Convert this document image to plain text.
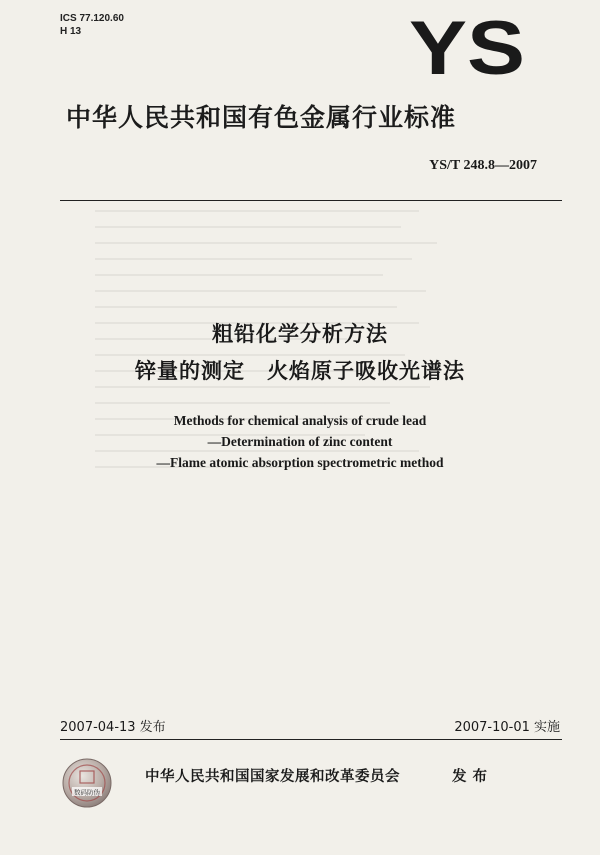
ICS 77.120.60
H 13	YS
中华人民共和国有色金属行业标准
YS/T 248.8—2007
粗铅化学分析方法
锌量的测定　火焰原子吸收光谱法
Methods for chemical analysis of crude lead
—Determination of zinc content
—Flame atomic absorption spectrometric method
2007-04-13 发布	2007-10-01 实施
数码防伪
中华人民共和国国家发展和改革委员会	发布
